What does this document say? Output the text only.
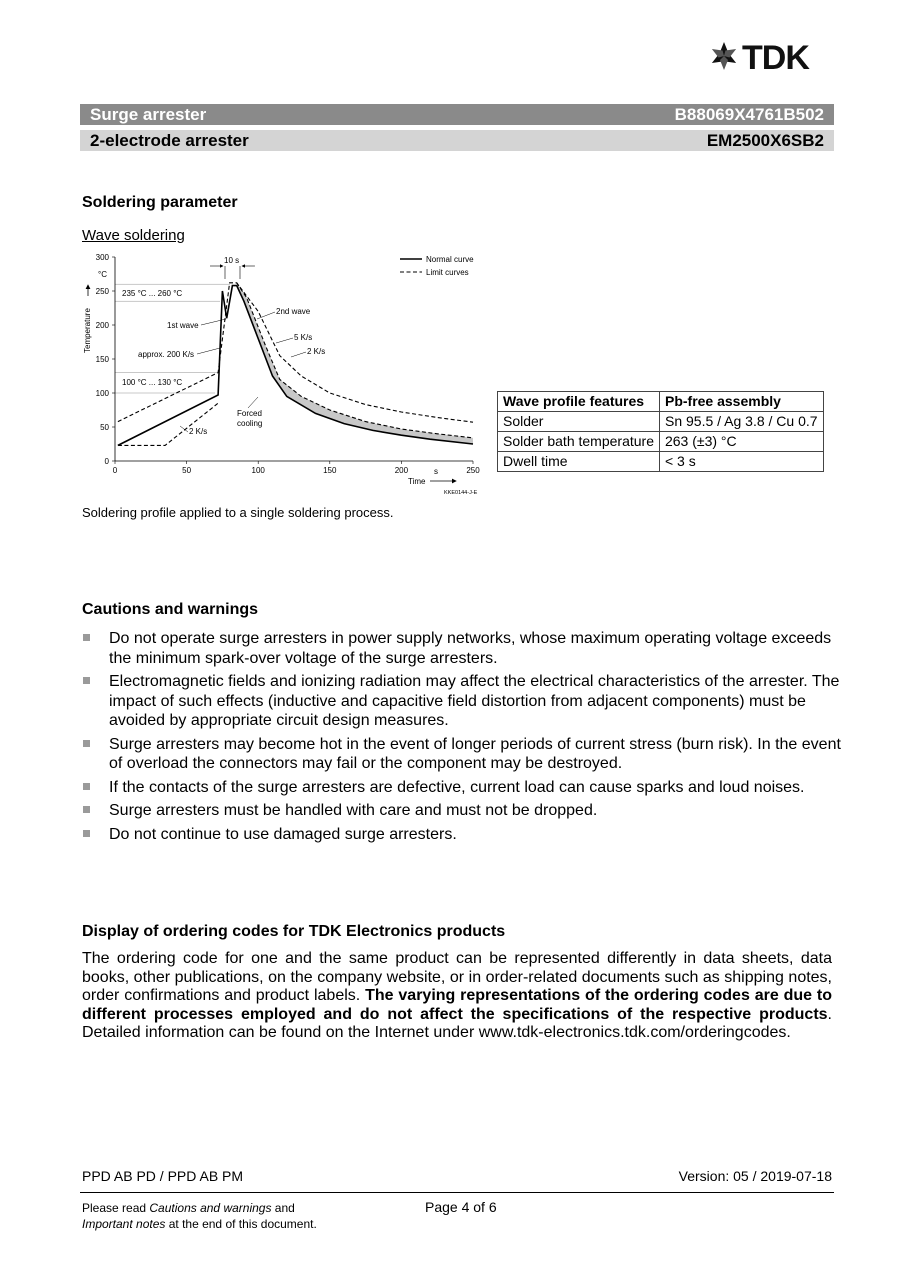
TDK
Surge arrester	B88069X4761B502
2-electrode arrester	EM2500X6SB2
Soldering parameter
Wave soldering
0	50	100	150	200	250
0
50
100
150
200
250
300
°C
Temperature
s
Time
Normal curve
Limit curves
10 s
235 °C ... 260 °C
1st wave
2nd wave
approx. 200 K/s
5 K/s
2 K/s
2 K/s
100 °C ... 130 °C
Forced
cooling
KKE0144-J-E
Wave profile features	Pb-free assembly
Solder	Sn 95.5 / Ag 3.8 / Cu 0.7
Solder bath temperature	263 (±3) °C
Dwell time	< 3 s
Soldering profile applied to a single soldering process.
Cautions and warnings
Do not operate surge arresters in power supply networks, whose maximum operating voltage exceeds the minimum spark-over voltage of the surge arresters.
Electromagnetic fields and ionizing radiation may affect the electrical characteristics of the arrester. The impact of such effects (inductive and capacitive field distortion from adjacent components) must be avoided by appropriate circuit design measures.
Surge arresters may become hot in the event of longer periods of current stress (burn risk). In the event of overload the connectors may fail or the component may be destroyed.
If the contacts of the surge arresters are defective, current load can cause sparks and loud noises.
Surge arresters must be handled with care and must not be dropped.
Do not continue to use damaged surge arresters.
Display of ordering codes for TDK Electronics products

The ordering code for one and the same product can be represented differently in data sheets, data books, other publications, on the company website, or in order-related documents such as shipping notes, order confirmations and product labels. The varying representations of the ordering codes are due to different processes employed and do not affect the specifications of the respective products. Detailed information can be found on the Internet under www.tdk-electronics.tdk.com/orderingcodes.

PPD AB PD / PPD AB PM	Version: 05 / 2019-07-18
Please read Cautions and warnings and
Important notes at the end of this document.
Page 4 of 6
